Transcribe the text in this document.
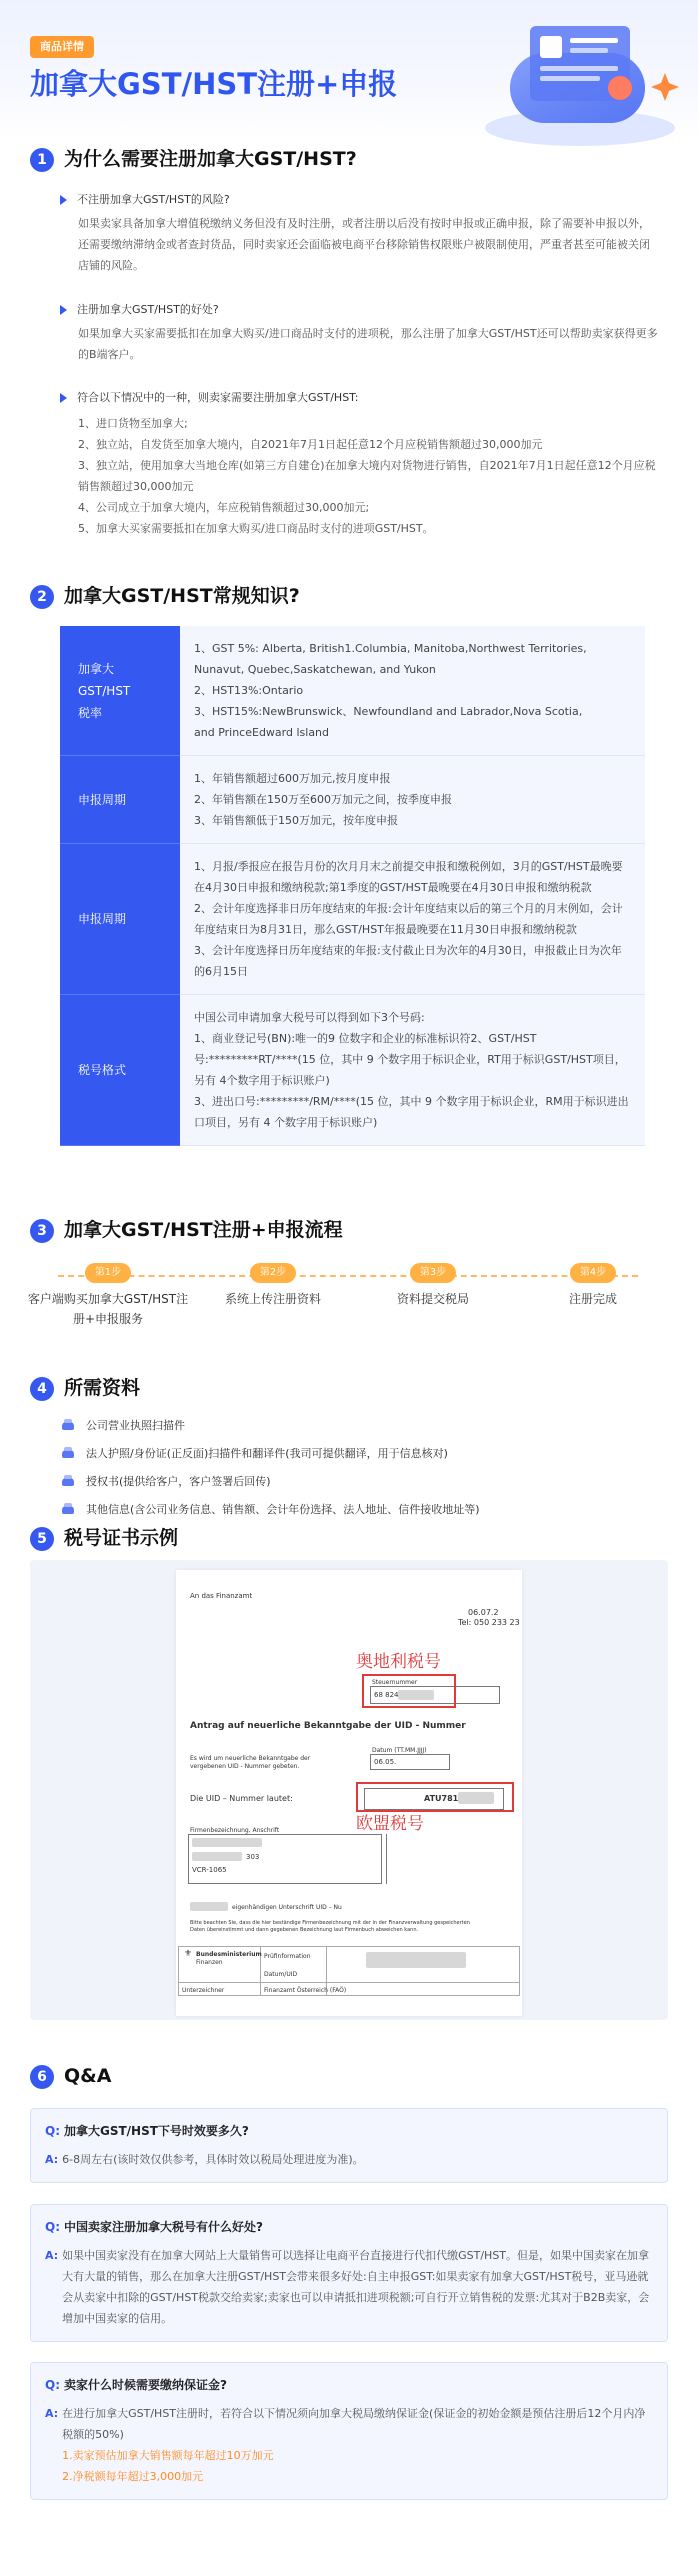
商品详情
加拿大GST/HST注册+申报
1 为什么需要注册加拿大GST/HST?
不注册加拿大GST/HST的风险?
如果卖家具备加拿大增值税缴纳义务但没有及时注册，或者注册以后没有按时申报或正确申报，除了需要补申报以外，还需要缴纳滞纳金或者查封货品，同时卖家还会面临被电商平台移除销售权限账户被限制使用，严重者甚至可能被关闭店铺的风险。
注册加拿大GST/HST的好处?
如果加拿大买家需要抵扣在加拿大购买/进口商品时支付的进项税，那么注册了加拿大GST/HST还可以帮助卖家获得更多的B端客户。
符合以下情况中的一种，则卖家需要注册加拿大GST/HST:
1、进口货物至加拿大;
2、独立站，自发货至加拿大境内，自2021年7月1日起任意12个月应税销售额超过30,000加元
3、独立站，使用加拿大当地仓库(如第三方自建仓)在加拿大境内对货物进行销售，自2021年7月1日起任意12个月应税销售额超过30,000加元
4、公司成立于加拿大境内，年应税销售额超过30,000加元;
5、加拿大买家需要抵扣在加拿大购买/进口商品时支付的进项GST/HST。
2 加拿大GST/HST常规知识?
加拿大GST/HST税率
1、GST 5%: Alberta, British1.Columbia, Manitoba,Northwest Territories,
Nunavut, Quebec,Saskatchewan, and Yukon
2、HST13%:Ontario
3、HST15%:NewBrunswick、Newfoundland and Labrador,Nova Scotia,
and PrinceEdward lsland
申报周期
1、年销售额超过600万加元,按月度申报
2、年销售额在150万至600万加元之间，按季度申报
3、年销售额低于150万加元，按年度申报
申报周期
1、月报/季报应在报告月份的次月月末之前提交申报和缴税例如，3月的GST/HST最晚要在4月30日申报和缴纳税款;第1季度的GST/HST最晚要在4月30日申报和缴纳税款
2、会计年度选择非日历年度结束的年报:会计年度结束以后的第三个月的月末例如，会计年度结束日为8月31日，那么GST/HST年报最晚要在11月30日申报和缴纳税款
3、会计年度选择日历年度结束的年报:支付截止日为次年的4月30日，申报截止日为次年的6月15日
税号格式
中国公司申请加拿大税号可以得到如下3个号码:
1、商业登记号(BN):唯一的9 位数字和企业的标准标识符2、GST/HST号:*********RT/****(15 位，其中 9 个数字用于标识企业，RT用于标识GST/HST项目，另有 4个数字用于标识账户)
3、进出口号:*********/RM/****(15 位，其中 9 个数字用于标识企业，RM用于标识进出口项目，另有 4 个数字用于标识账户)
3 加拿大GST/HST注册+申报流程
第1步
客户端购买加拿大GST/HST注册+申报服务
第2步
系统上传注册资料
第3步
资料提交税局
第4步
注册完成
4 所需资料
公司营业执照扫描件
法人护照/身份证(正反面)扫描件和翻译件(我司可提供翻译，用于信息核对)
授权书(提供给客户，客户签署后回传)
其他信息(含公司业务信息、销售额、会计年份选择、法人地址、信件接收地址等)
5 税号证书示例
An das Finanzamt
06.07.2
Tel: 050 233 23
奥地利税号
Steuernummer
68 824
Antrag auf neuerliche Bekanntgabe der UID - Nummer
Datum (TT.MM.JJJJ)
06.05.
Es wird um neuerliche Bekanntgabe der
vergebenen UID - Nummer gebeten.
Die UID – Nummer lautet:	ATU781
欧盟税号
Firmenbezeichnung, Anschrift
303
VCR-1065
eigenhändigen Unterschrift UID – Nu
Bitte beachten Sie, dass die hier beständige Firmenbezeichnung mit der in der Finanzverwaltung gespeicherten
Daten übereinstimmt und dann gegebenen Bezeichnung laut Firmenbuch abweichen kann.
⚜ Bundesministerium
Finanzen
Prüfinformation
Datum/UID
Unterzeichner	Finanzamt Österreich (FAÖ)
6 Q&A
Q: 加拿大GST/HST下号时效要多久?
A: 6-8周左右(该时效仅供参考，具体时效以税局处理进度为准)。
Q: 中国卖家注册加拿大税号有什么好处?
A: 如果中国卖家没有在加拿大网站上大量销售可以选择让电商平台直接进行代扣代缴GST/HST。但是，如果中国卖家在加拿大有大量的销售，那么在加拿大注册GST/HST会带来很多好处:自主申报GST:如果卖家有加拿大GST/HST税号，亚马逊就会从卖家中扣除的GST/HST税款交给卖家;卖家也可以申请抵扣进项税额;可自行开立销售税的发票:尤其对于B2B卖家，会增加中国卖家的信用。
Q: 卖家什么时候需要缴纳保证金?
A: 在进行加拿大GST/HST注册时，若符合以下情况须向加拿大税局缴纳保证金(保证金的初始金额是预估注册后12个月内净税额的50%)
1.卖家预估加拿大销售额每年超过10万加元
2.净税额每年超过3,000加元
